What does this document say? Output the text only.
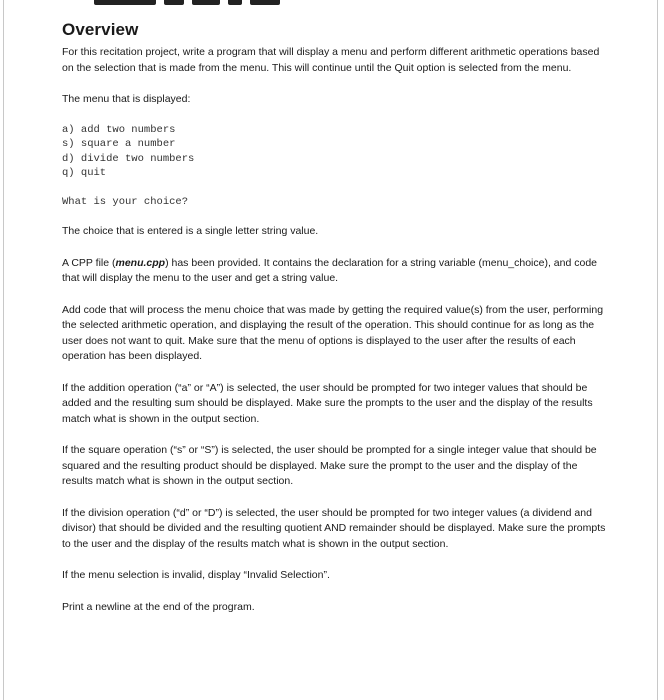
Overview

For this recitation project, write a program that will display a menu and perform different arithmetic operations based on the selection that is made from the menu. This will continue until the Quit option is selected from the menu.

The menu that is displayed:

a) add two numbers
s) square a number
d) divide two numbers
q) quit
What is your choice?

The choice that is entered is a single letter string value.

A CPP file (menu.cpp) has been provided. It contains the declaration for a string variable (menu_choice), and code that will display the menu to the user and get a string value.

Add code that will process the menu choice that was made by getting the required value(s) from the user, performing the selected arithmetic operation, and displaying the result of the operation. This should continue for as long as the user does not want to quit. Make sure that the menu of options is displayed to the user after the results of each operation has been displayed.

If the addition operation (“a” or “A”) is selected, the user should be prompted for two integer values that should be added and the resulting sum should be displayed. Make sure the prompts to the user and the display of the results match what is shown in the output section.

If the square operation (“s” or “S”) is selected, the user should be prompted for a single integer value that should be squared and the resulting product should be displayed. Make sure the prompt to the user and the display of the results match what is shown in the output section.

If the division operation (“d” or “D”) is selected, the user should be prompted for two integer values (a dividend and divisor) that should be divided and the resulting quotient AND remainder should be displayed. Make sure the prompts to the user and the display of the results match what is shown in the output section.

If the menu selection is invalid, display “Invalid Selection”.

Print a newline at the end of the program.
